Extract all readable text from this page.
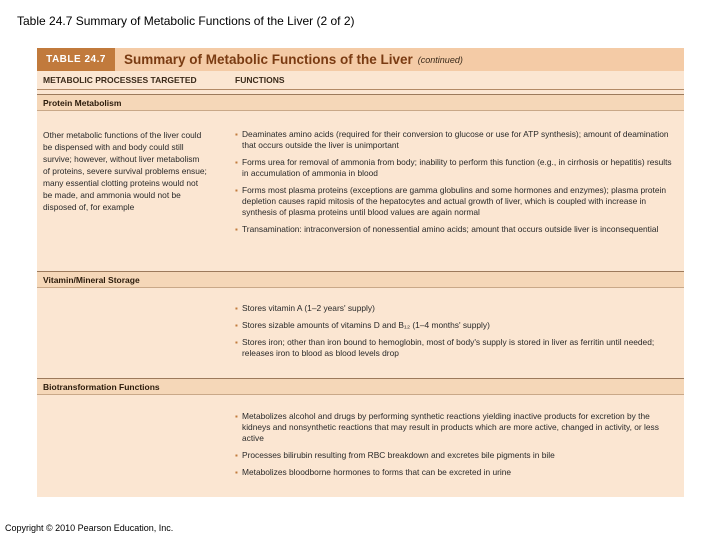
Table 24.7 Summary of Metabolic Functions of the Liver (2 of 2)
TABLE 24.7	Summary of Metabolic Functions of the Liver (continued)
METABOLIC PROCESSES TARGETED	FUNCTIONS
Protein Metabolism
Other metabolic functions of the liver could be dispensed with and body could still survive; however, without liver metabolism of proteins, severe survival problems ensue; many essential clotting proteins would not be made, and ammonia would not be disposed of, for example
▪ Deaminates amino acids (required for their conversion to glucose or use for ATP synthesis); amount of deamination that occurs outside the liver is unimportant
▪ Forms urea for removal of ammonia from body; inability to perform this function (e.g., in cirrhosis or hepatitis) results in accumulation of ammonia in blood
▪ Forms most plasma proteins (exceptions are gamma globulins and some hormones and enzymes); plasma protein depletion causes rapid mitosis of the hepatocytes and actual growth of liver, which is coupled with increase in synthesis of plasma proteins until blood values are again normal
▪ Transamination: intraconversion of nonessential amino acids; amount that occurs outside liver is inconsequential
Vitamin/Mineral Storage
▪ Stores vitamin A (1–2 years' supply)
▪ Stores sizable amounts of vitamins D and B₁₂ (1–4 months' supply)
▪ Stores iron; other than iron bound to hemoglobin, most of body's supply is stored in liver as ferritin until needed; releases iron to blood as blood levels drop
Biotransformation Functions
▪ Metabolizes alcohol and drugs by performing synthetic reactions yielding inactive products for excretion by the kidneys and nonsynthetic reactions that may result in products which are more active, changed in activity, or less active
▪ Processes bilirubin resulting from RBC breakdown and excretes bile pigments in bile
▪ Metabolizes bloodborne hormones to forms that can be excreted in urine
Copyright © 2010 Pearson Education, Inc.
